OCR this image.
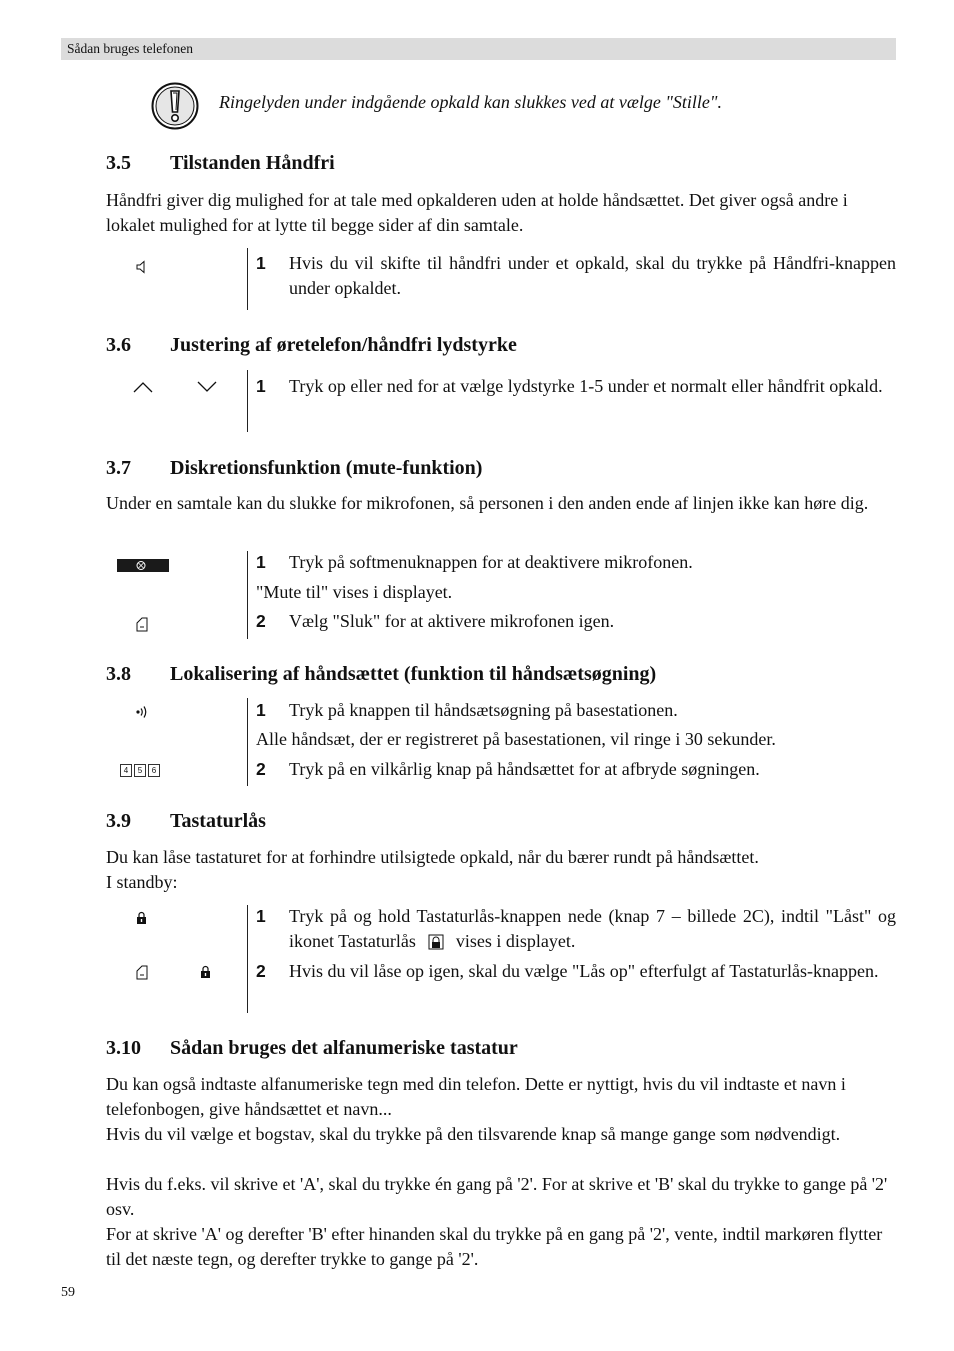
Sådan bruges telefonen
Ringelyden under indgående opkald kan slukkes ved at vælge "Stille".
3.5 Tilstanden Håndfri
Håndfri giver dig mulighed for at tale med opkalderen uden at holde håndsættet. Det giver også andre i lokalet mulighed for at lytte til begge sider af din samtale.
1 Hvis du vil skifte til håndfri under et opkald, skal du trykke på Håndfri-knappen under opkaldet.
3.6 Justering af øretelefon/håndfri lydstyrke
1 Tryk op eller ned for at vælge lydstyrke 1-5 under et normalt eller håndfrit opkald.
3.7 Diskretionsfunktion (mute-funktion)
Under en samtale kan du slukke for mikrofonen, så personen i den anden ende af linjen ikke kan høre dig.
1 Tryk på softmenuknappen for at deaktivere mikrofonen.
"Mute til" vises i displayet.
2 Vælg "Sluk" for at aktivere mikrofonen igen.
3.8 Lokalisering af håndsættet (funktion til håndsætsøgning)
4	5	6
1 Tryk på knappen til håndsætsøgning på basestationen.
Alle håndsæt, der er registreret på basestationen, vil ringe i 30 sekunder.
2 Tryk på en vilkårlig knap på håndsættet for at afbryde søgningen.
3.9 Tastaturlås
Du kan låse tastaturet for at forhindre utilsigtede opkald, når du bærer rundt på håndsættet.
I standby:
1 Tryk på og hold Tastaturlås-knappen nede (knap 7 – billede 2C), indtil "Låst" og ikonet Tastaturlås vises i displayet.
2 Hvis du vil låse op igen, skal du vælge "Lås op" efterfulgt af Tastaturlås-knappen.
3.10 Sådan bruges det alfanumeriske tastatur
Du kan også indtaste alfanumeriske tegn med din telefon. Dette er nyttigt, hvis du vil indtaste et navn i telefonbogen, give håndsættet et navn...
Hvis du vil vælge et bogstav, skal du trykke på den tilsvarende knap så mange gange som nødvendigt.
Hvis du f.eks. vil skrive et 'A', skal du trykke én gang på '2'. For at skrive et 'B' skal du trykke to gange på '2' osv.
For at skrive 'A' og derefter 'B' efter hinanden skal du trykke på en gang på '2', vente, indtil markøren flytter til det næste tegn, og derefter trykke to gange på '2'.
59
